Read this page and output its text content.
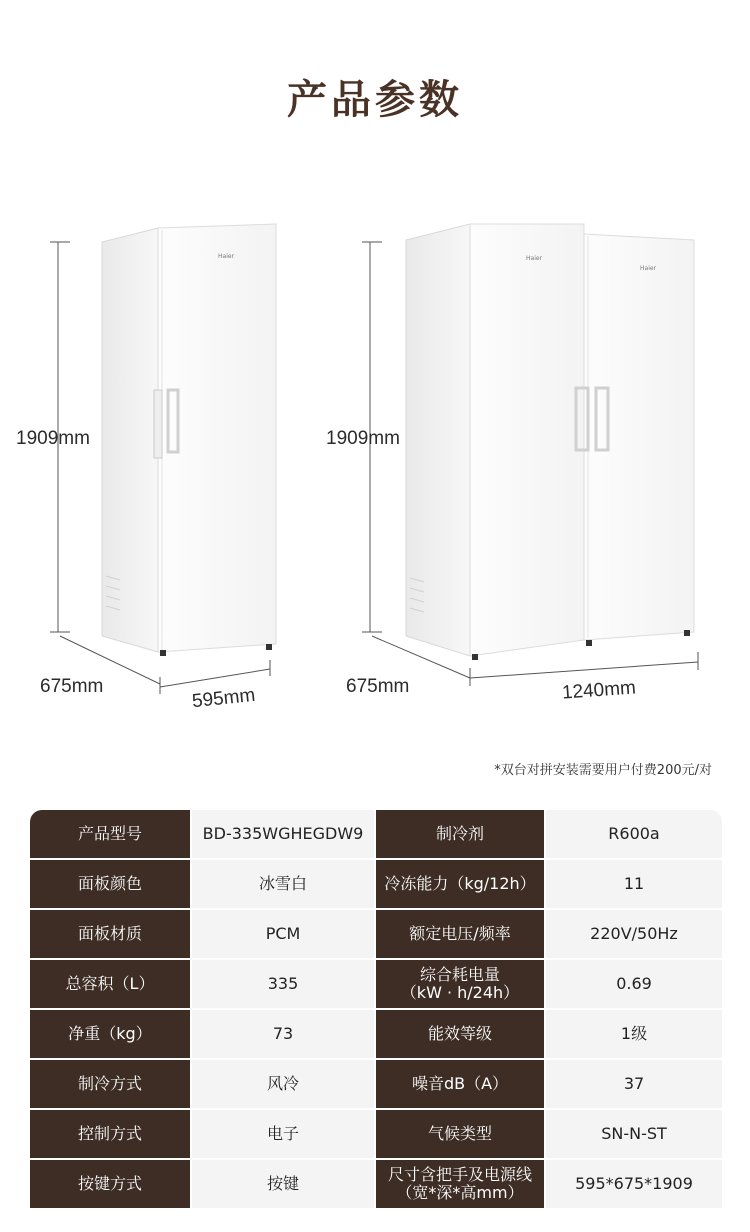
产品参数
Haier	Haier
Haier
1909mm
675mm	595mm
1909mm
675mm	1240mm
*双台对拼安装需要用户付费200元/对
产品型号	BD-335WGHEGDW9	制冷剂	R600a
面板颜色	冰雪白	冷冻能力（kg/12h）	11
面板材质	PCM	额定电压/频率	220V/50Hz
总容积（L）	335	综合耗电量
（kW · h/24h）	0.69
净重（kg）	73	能效等级	1级
制冷方式	风冷	噪音dB（A）	37
控制方式	电子	气候类型	SN-N-ST
按键方式	按键	尺寸含把手及电源线
（宽*深*高mm）	595*675*1909
